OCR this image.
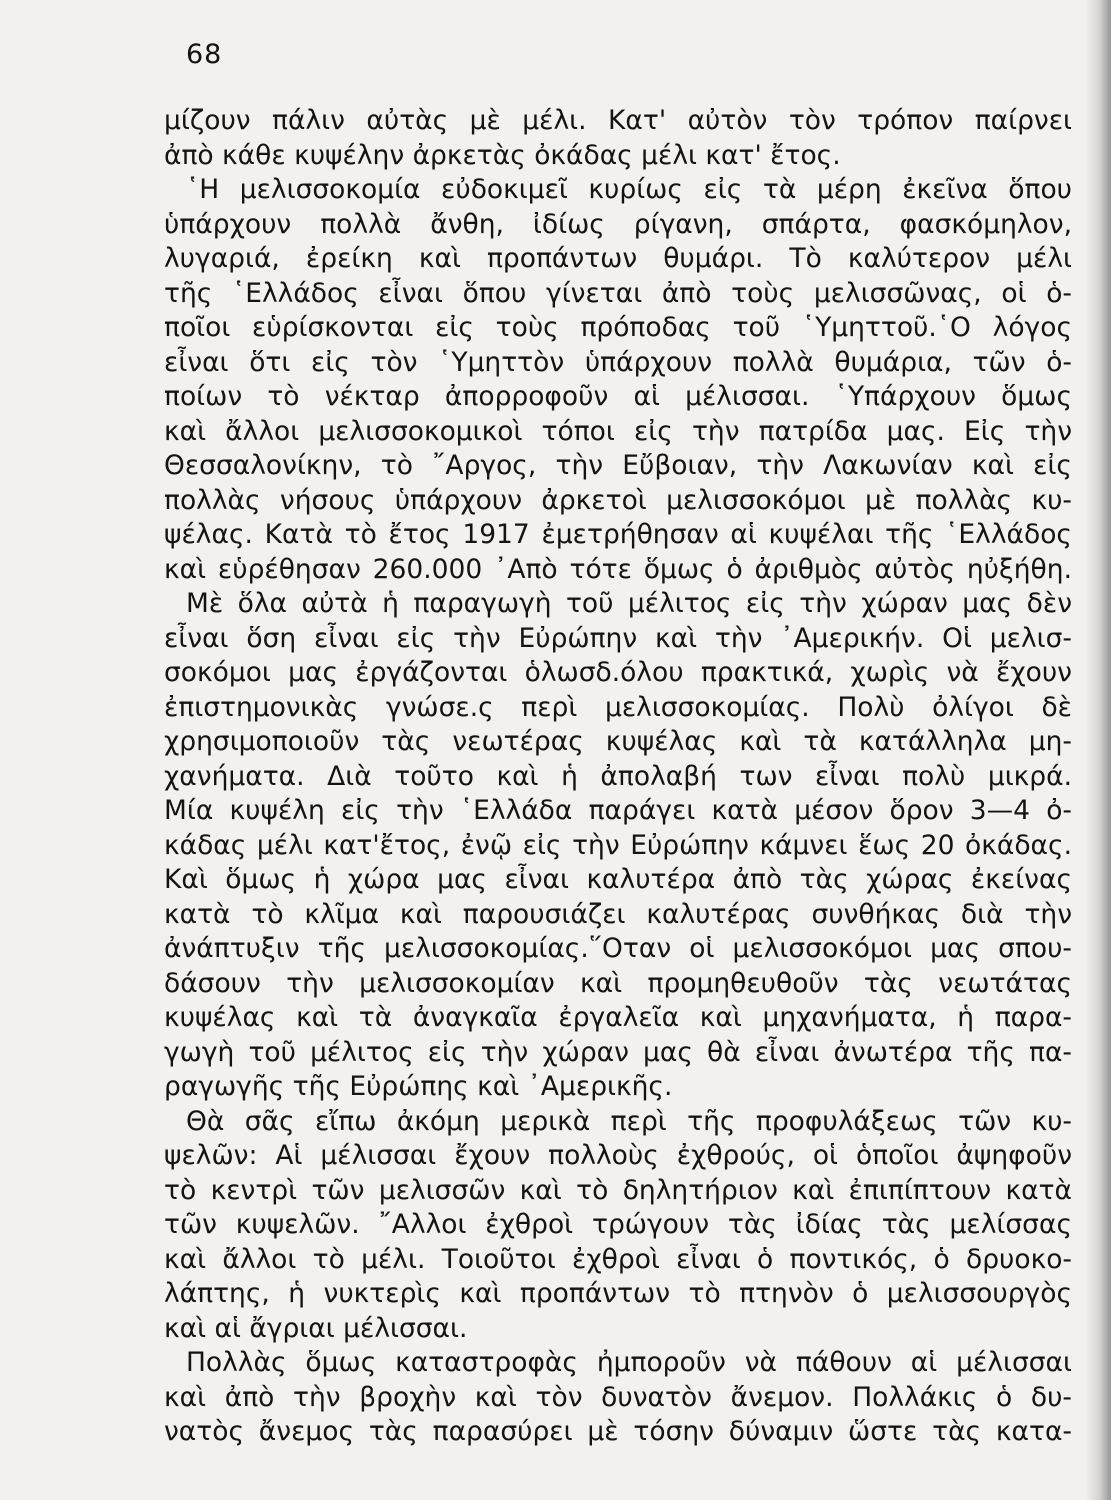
68
μίζουν πάλιν αὐτὰς μὲ μέλι. Κατ' αὐτὸν τὸν τρόπον παίρνει
ἀπὸ κάθε κυψέλην ἀρκετὰς ὀκάδας μέλι κατ' ἔτος.
῾Η μελισσοκομία εὐδοκιμεῖ κυρίως εἰς τὰ μέρη ἐκεῖνα ὅπου
ὑπάρχουν πολλὰ ἄνθη, ἰδίως ρίγανη, σπάρτα, φασκόμηλον,
λυγαριά, ἐρείκη καὶ προπάντων θυμάρι. Τὸ καλύτερον μέλι
τῆς ῾Ελλάδος εἶναι ὅπου γίνεται ἀπὸ τοὺς μελισσῶνας, οἱ ὁ-
ποῖοι εὑρίσκονται εἰς τοὺς πρόποδας τοῦ ῾Υμηττοῦ.῾Ο λόγος
εἶναι ὅτι εἰς τὸν ῾Υμηττὸν ὑπάρχουν πολλὰ θυμάρια, τῶν ὁ-
ποίων τὸ νέκταρ ἀπορροφοῦν αἱ μέλισσαι. ῾Υπάρχουν ὅμως
καὶ ἄλλοι μελισσοκομικοὶ τόποι εἰς τὴν πατρίδα μας. Εἰς τὴν
Θεσσαλονίκην, τὸ ῎Αργος, τὴν Εὔβοιαν, τὴν Λακωνίαν καὶ εἰς
πολλὰς νήσους ὑπάρχουν ἀρκετοὶ μελισσοκόμοι μὲ πολλὰς κυ-
ψέλας. Κατὰ τὸ ἔτος 1917 ἐμετρήθησαν αἱ κυψέλαι τῆς ῾Ελλάδος
καὶ εὑρέθησαν 260.000 ᾿Απὸ τότε ὅμως ὁ ἀριθμὸς αὐτὸς ηὐξήθη.
Μὲ ὅλα αὐτὰ ἡ παραγωγὴ τοῦ μέλιτος εἰς τὴν χώραν μας δὲν
εἶναι ὅση εἶναι εἰς τὴν Εὐρώπην καὶ τὴν ᾿Αμερικήν. Οἱ μελισ-
σοκόμοι μας ἐργάζονται ὁλωσδ.όλου πρακτικά, χωρὶς νὰ ἔχουν
ἐπιστημονικὰς γνώσε.ς περὶ μελισσοκομίας. Πολὺ ὀλίγοι δὲ
χρησιμοποιοῦν τὰς νεωτέρας κυψέλας καὶ τὰ κατάλληλα μη-
χανήματα. Διὰ τοῦτο καὶ ἡ ἀπολαβή των εἶναι πολὺ μικρά.
Μία κυψέλη εἰς τὴν ῾Ελλάδα παράγει κατὰ μέσον ὅρον 3—4 ὀ-
κάδας μέλι κατ'ἔτος, ἐνῷ εἰς τὴν Εὐρώπην κάμνει ἕως 20 ὀκάδας.
Καὶ ὅμως ἡ χώρα μας εἶναι καλυτέρα ἀπὸ τὰς χώρας ἐκείνας
κατὰ τὸ κλῖμα καὶ παρουσιάζει καλυτέρας συνθήκας διὰ τὴν
ἀνάπτυξιν τῆς μελισσοκομίας.῞Οταν οἱ μελισσοκόμοι μας σπου-
δάσουν τὴν μελισσοκομίαν καὶ προμηθευθοῦν τὰς νεωτάτας
κυψέλας καὶ τὰ ἀναγκαῖα ἐργαλεῖα καὶ μηχανήματα, ἡ παρα-
γωγὴ τοῦ μέλιτος εἰς τὴν χώραν μας θὰ εἶναι ἀνωτέρα τῆς πα-
ραγωγῆς τῆς Εὐρώπης καὶ ᾿Αμερικῆς.
Θὰ σᾶς εἴπω ἀκόμη μερικὰ περὶ τῆς προφυλάξεως τῶν κυ-
ψελῶν: Αἱ μέλισσαι ἔχουν πολλοὺς ἐχθρούς, οἱ ὁποῖοι ἀψηφοῦν
τὸ κεντρὶ τῶν μελισσῶν καὶ τὸ δηλητήριον καὶ ἐπιπίπτουν κατὰ
τῶν κυψελῶν. ῎Αλλοι ἐχθροὶ τρώγουν τὰς ἰδίας τὰς μελίσσας
καὶ ἄλλοι τὸ μέλι. Τοιοῦτοι ἐχθροὶ εἶναι ὁ ποντικός, ὁ δρυοκο-
λάπτης, ἡ νυκτερὶς καὶ προπάντων τὸ πτηνὸν ὁ μελισσουργὸς
καὶ αἱ ἄγριαι μέλισσαι.
Πολλὰς ὅμως καταστροφὰς ἠμποροῦν νὰ πάθουν αἱ μέλισσαι
καὶ ἀπὸ τὴν βροχὴν καὶ τὸν δυνατὸν ἄνεμον. Πολλάκις ὁ δυ-
νατὸς ἄνεμος τὰς παρασύρει μὲ τόσην δύναμιν ὥστε τὰς κατα-
